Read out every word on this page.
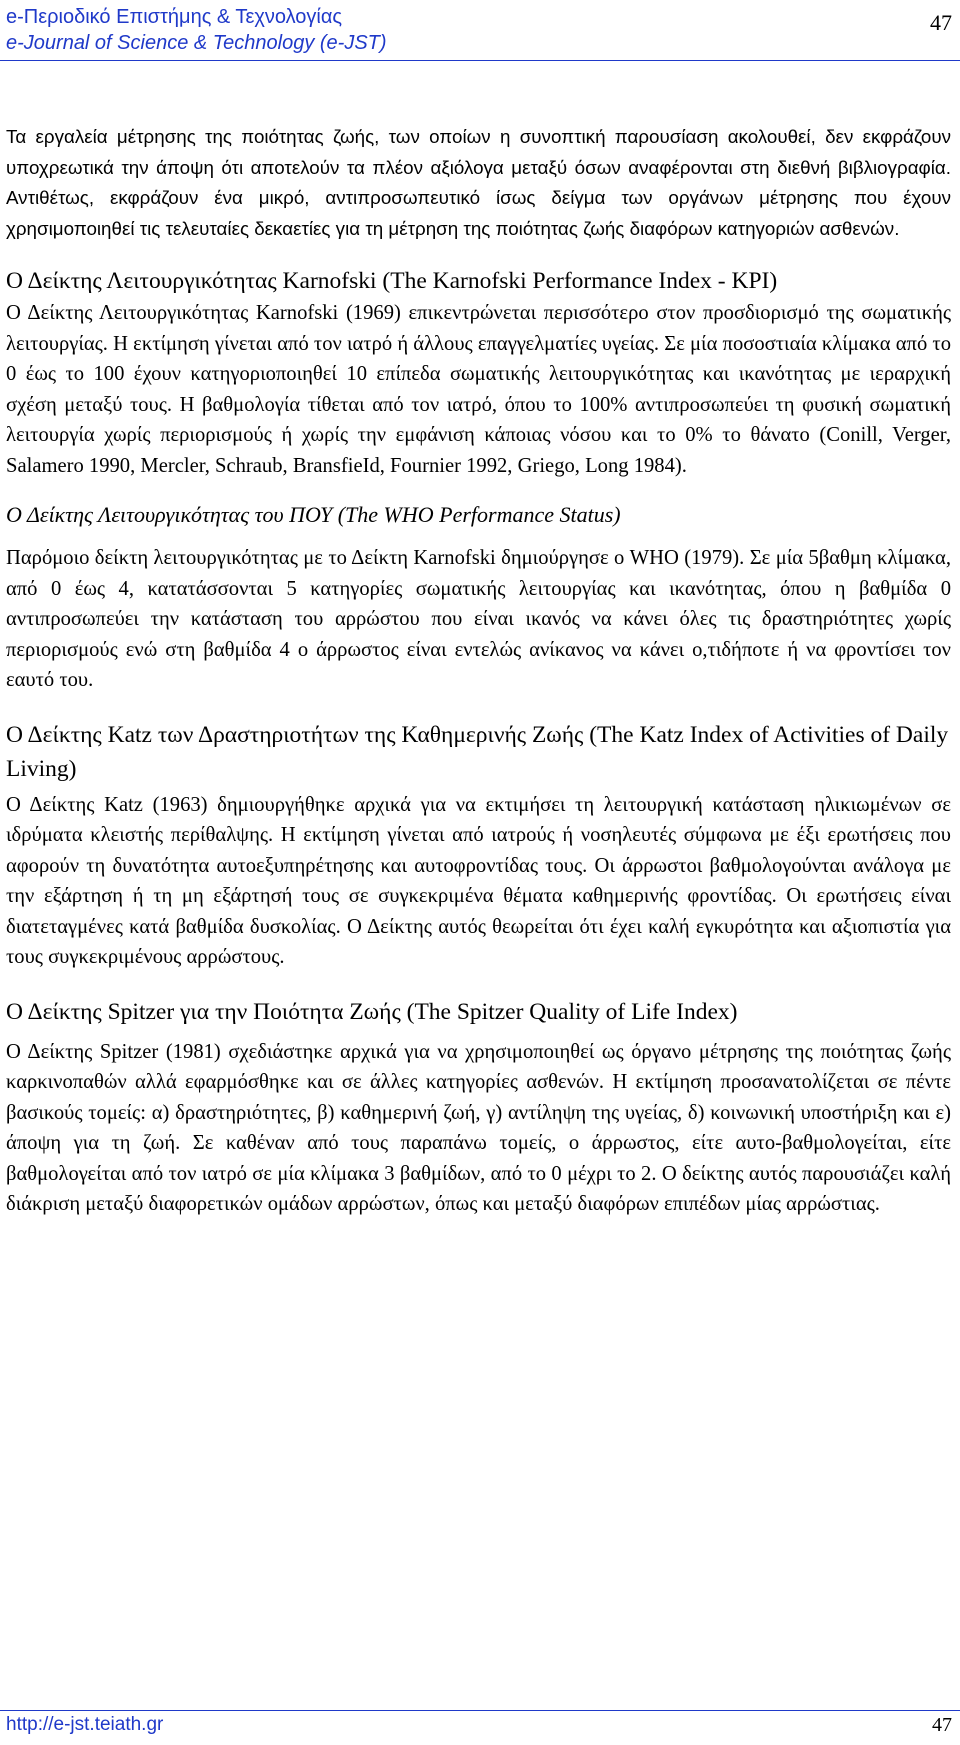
e-Περιοδικό Επιστήμης & Τεχνολογίας
e-Journal of Science & Technology (e-JST)
47

Τα εργαλεία μέτρησης της ποιότητας ζωής, των οποίων η συνοπτική παρουσίαση ακολουθεί, δεν εκφράζουν υποχρεωτικά την άποψη ότι αποτελούν τα πλέον αξιόλογα μεταξύ όσων αναφέρονται στη διεθνή βιβλιογραφία. Αντιθέτως, εκφράζουν ένα μικρό, αντιπροσωπευτικό ίσως δείγμα των οργάνων μέτρησης που έχουν χρησιμοποιηθεί τις τελευταίες δεκαετίες για τη μέτρηση της ποιότητας ζωής διαφόρων κατηγοριών ασθενών.

Ο Δείκτης Λειτουργικότητας Karnofski (The Karnofski Performance Index - KPI)

Ο Δείκτης Λειτουργικότητας Karnofski (1969) επικεντρώνεται περισσότερο στον προσδιορισμό της σωματικής λειτουργίας. Η εκτίμηση γίνεται από τον ιατρό ή άλλους επαγγελματίες υγείας. Σε μία ποσοστιαία κλίμακα από το 0 έως το 100 έχουν κατηγοριοποιηθεί 10 επίπεδα σωματικής λειτουργικότητας και ικανότητας με ιεραρχική σχέση μεταξύ τους. Η βαθμολογία τίθεται από τον ιατρό, όπου το 100% αντιπροσωπεύει τη φυσική σωματική λειτουργία χωρίς περιορισμούς ή χωρίς την εμφάνιση κάποιας νόσου και το 0% το θάνατο (Conill, Verger, Salamero 1990, Mercler, Schraub, BransfieId, Fournier 1992, Griego, Long 1984).

Ο Δείκτης Λειτουργικότητας του ΠΟΥ (The WHO Performance Status)

Παρόμοιο δείκτη λειτουργικότητας με το Δείκτη Karnofski δημιούργησε ο WHO (1979). Σε μία 5βαθμη κλίμακα, από 0 έως 4, κατατάσσονται 5 κατηγορίες σωματικής λειτουργίας και ικανότητας, όπου η βαθμίδα 0 αντιπροσωπεύει την κατάσταση του αρρώστου που είναι ικανός να κάνει όλες τις δραστηριότητες χωρίς περιορισμούς ενώ στη βαθμίδα 4 ο άρρωστος είναι εντελώς ανίκανος να κάνει ο,τιδήποτε ή να φροντίσει τον εαυτό του.

Ο Δείκτης Katz των Δραστηριοτήτων της Καθημερινής Ζωής (The Katz Index of Activities of Daily Living)

Ο Δείκτης Katz (1963) δημιουργήθηκε αρχικά για να εκτιμήσει τη λειτουργική κατάσταση ηλικιωμένων σε ιδρύματα κλειστής περίθαλψης. Η εκτίμηση γίνεται από ιατρούς ή νοσηλευτές σύμφωνα με έξι ερωτήσεις που αφορούν τη δυνατότητα αυτοεξυπηρέτησης και αυτοφροντίδας τους. Οι άρρωστοι βαθμολογούνται ανάλογα με την εξάρτηση ή τη μη εξάρτησή τους σε συγκεκριμένα θέματα καθημερινής φροντίδας. Οι ερωτήσεις είναι διατεταγμένες κατά βαθμίδα δυσκολίας. Ο Δείκτης αυτός θεωρείται ότι έχει καλή εγκυρότητα και αξιοπιστία για τους συγκεκριμένους αρρώστους.

Ο Δείκτης Spitzer για την Ποιότητα Ζωής (The Spitzer Quality of Life Index)

Ο Δείκτης Spitzer (1981) σχεδιάστηκε αρχικά για να χρησιμοποιηθεί ως όργανο μέτρησης της ποιότητας ζωής καρκινοπαθών αλλά εφαρμόσθηκε και σε άλλες κατηγορίες ασθενών. Η εκτίμηση προσανατολίζεται σε πέντε βασικούς τομείς: α) δραστηριότητες, β) καθημερινή ζωή, γ) αντίληψη της υγείας, δ) κοινωνική υποστήριξη και ε) άποψη για τη ζωή. Σε καθέναν από τους παραπάνω τομείς, ο άρρωστος, είτε αυτο-βαθμολογείται, είτε βαθμολογείται από τον ιατρό σε μία κλίμακα 3 βαθμίδων, από το 0 μέχρι το 2. Ο δείκτης αυτός παρουσιάζει καλή διάκριση μεταξύ διαφορετικών ομάδων αρρώστων, όπως και μεταξύ διαφόρων επιπέδων μίας αρρώστιας.

http://e-jst.teiath.gr	47
